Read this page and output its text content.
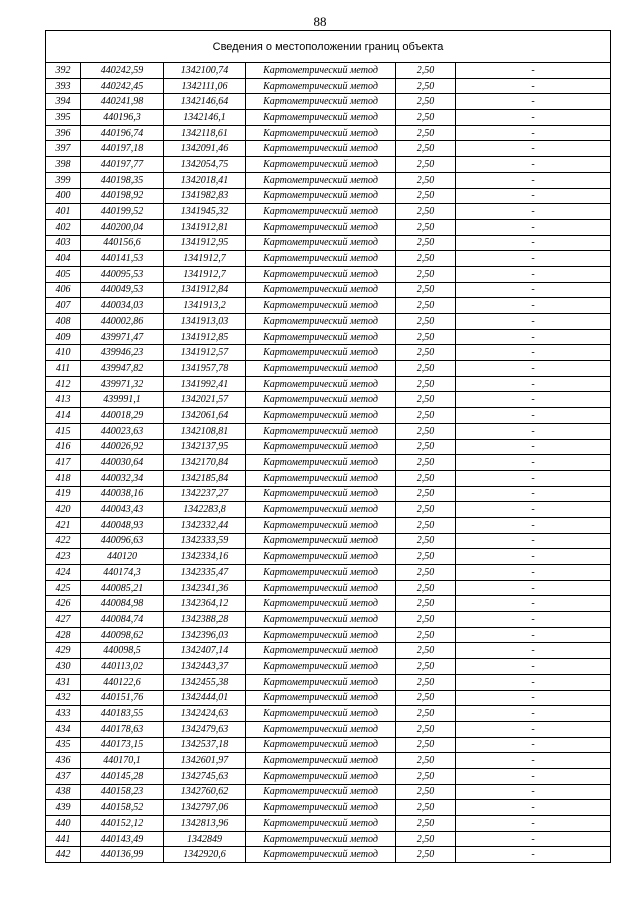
88
Сведения о местоположении границ объекта					
392	440242,59	1342100,74	Картометрический метод	2,50	-
393	440242,45	1342111,06	Картометрический метод	2,50	-
394	440241,98	1342146,64	Картометрический метод	2,50	-
395	440196,3	1342146,1	Картометрический метод	2,50	-
396	440196,74	1342118,61	Картометрический метод	2,50	-
397	440197,18	1342091,46	Картометрический метод	2,50	-
398	440197,77	1342054,75	Картометрический метод	2,50	-
399	440198,35	1342018,41	Картометрический метод	2,50	-
400	440198,92	1341982,83	Картометрический метод	2,50	-
401	440199,52	1341945,32	Картометрический метод	2,50	-
402	440200,04	1341912,81	Картометрический метод	2,50	-
403	440156,6	1341912,95	Картометрический метод	2,50	-
404	440141,53	1341912,7	Картометрический метод	2,50	-
405	440095,53	1341912,7	Картометрический метод	2,50	-
406	440049,53	1341912,84	Картометрический метод	2,50	-
407	440034,03	1341913,2	Картометрический метод	2,50	-
408	440002,86	1341913,03	Картометрический метод	2,50	-
409	439971,47	1341912,85	Картометрический метод	2,50	-
410	439946,23	1341912,57	Картометрический метод	2,50	-
411	439947,82	1341957,78	Картометрический метод	2,50	-
412	439971,32	1341992,41	Картометрический метод	2,50	-
413	439991,1	1342021,57	Картометрический метод	2,50	-
414	440018,29	1342061,64	Картометрический метод	2,50	-
415	440023,63	1342108,81	Картометрический метод	2,50	-
416	440026,92	1342137,95	Картометрический метод	2,50	-
417	440030,64	1342170,84	Картометрический метод	2,50	-
418	440032,34	1342185,84	Картометрический метод	2,50	-
419	440038,16	1342237,27	Картометрический метод	2,50	-
420	440043,43	1342283,8	Картометрический метод	2,50	-
421	440048,93	1342332,44	Картометрический метод	2,50	-
422	440096,63	1342333,59	Картометрический метод	2,50	-
423	440120	1342334,16	Картометрический метод	2,50	-
424	440174,3	1342335,47	Картометрический метод	2,50	-
425	440085,21	1342341,36	Картометрический метод	2,50	-
426	440084,98	1342364,12	Картометрический метод	2,50	-
427	440084,74	1342388,28	Картометрический метод	2,50	-
428	440098,62	1342396,03	Картометрический метод	2,50	-
429	440098,5	1342407,14	Картометрический метод	2,50	-
430	440113,02	1342443,37	Картометрический метод	2,50	-
431	440122,6	1342455,38	Картометрический метод	2,50	-
432	440151,76	1342444,01	Картометрический метод	2,50	-
433	440183,55	1342424,63	Картометрический метод	2,50	-
434	440178,63	1342479,63	Картометрический метод	2,50	-
435	440173,15	1342537,18	Картометрический метод	2,50	-
436	440170,1	1342601,97	Картометрический метод	2,50	-
437	440145,28	1342745,63	Картометрический метод	2,50	-
438	440158,23	1342760,62	Картометрический метод	2,50	-
439	440158,52	1342797,06	Картометрический метод	2,50	-
440	440152,12	1342813,96	Картометрический метод	2,50	-
441	440143,49	1342849	Картометрический метод	2,50	-
442	440136,99	1342920,6	Картометрический метод	2,50	-
